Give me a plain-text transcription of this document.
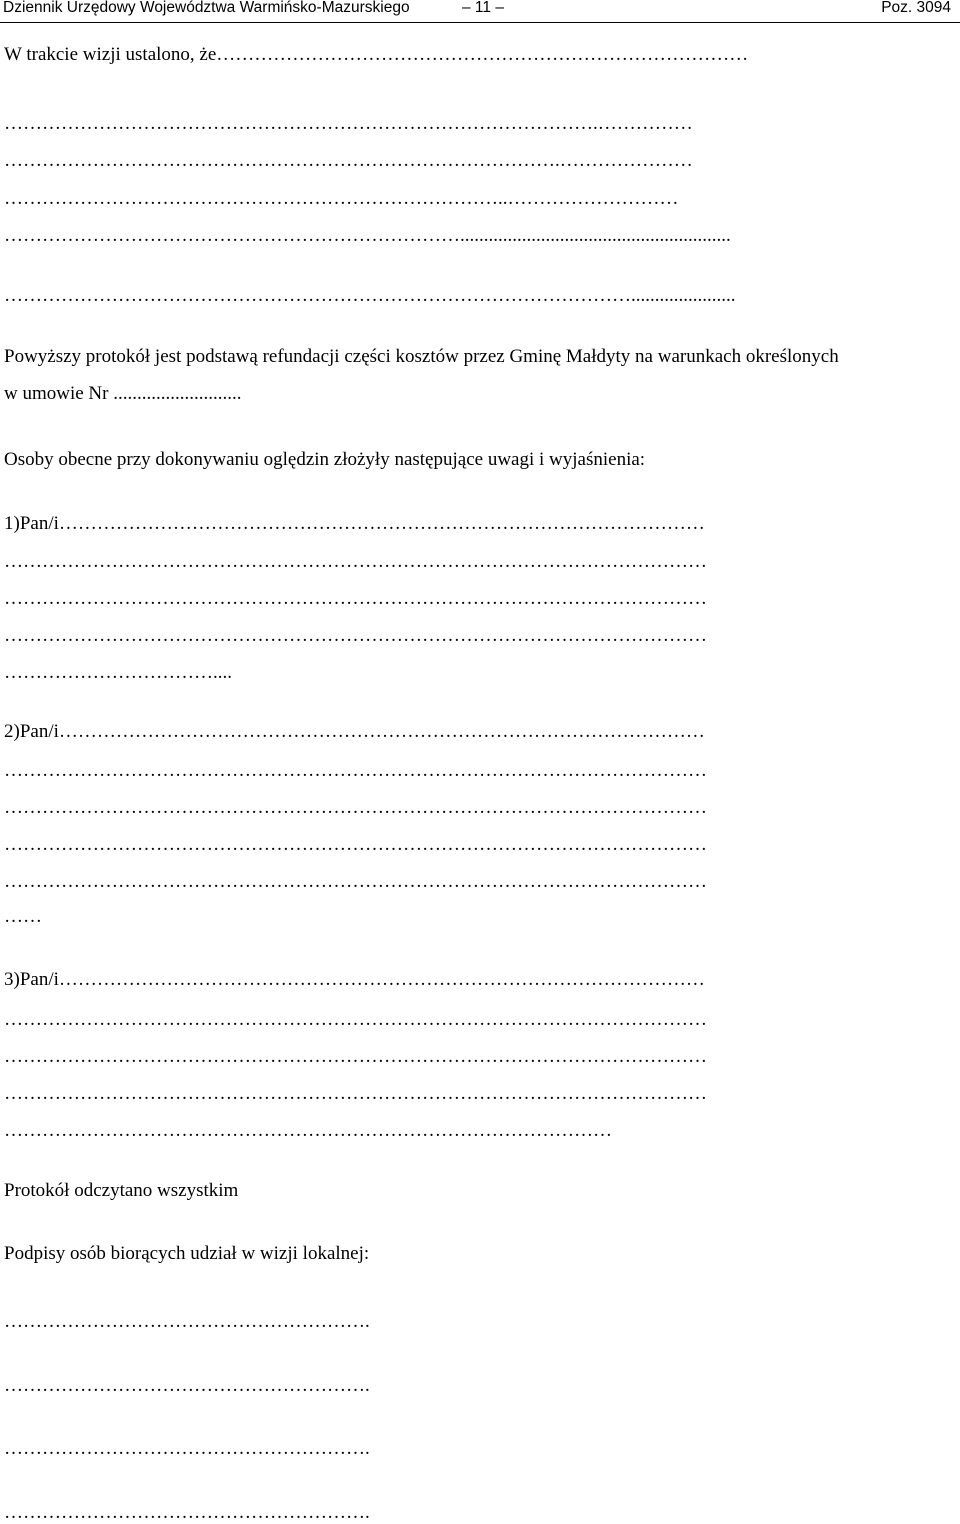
Dziennik Urzędowy Województwa Warmińsko-Mazurskiego	– 11 –	Poz. 3094
W trakcie wizji ustalono, że…………………………………………………………………………
………………………………………………………………………………….……………
…………………………………………………………………………….…………………
……………………………………………………………………..………………………
……………………………………………………………….........................................................
………………………………………………………………………………………......................
Powyższy protokół jest podstawą refundacji części kosztów przez Gminę Małdyty na warunkach określonych
w umowie Nr ...........................
Osoby obecne przy dokonywaniu oględzin złożyły następujące uwagi i wyjaśnienia:
1)Pan/i…………………………………………………………………………………………
…………………………………………………………………………………………………
…………………………………………………………………………………………………
…………………………………………………………………………………………………
……………………………....
2)Pan/i…………………………………………………………………………………………
…………………………………………………………………………………………………
…………………………………………………………………………………………………
…………………………………………………………………………………………………
…………………………………………………………………………………………………
……
3)Pan/i…………………………………………………………………………………………
…………………………………………………………………………………………………
…………………………………………………………………………………………………
…………………………………………………………………………………………………
……………………………………………………………………………………
Protokół odczytano wszystkim
Podpisy osób biorących udział w wizji lokalnej:
………………………………………………….
………………………………………………….
………………………………………………….
………………………………………………….
